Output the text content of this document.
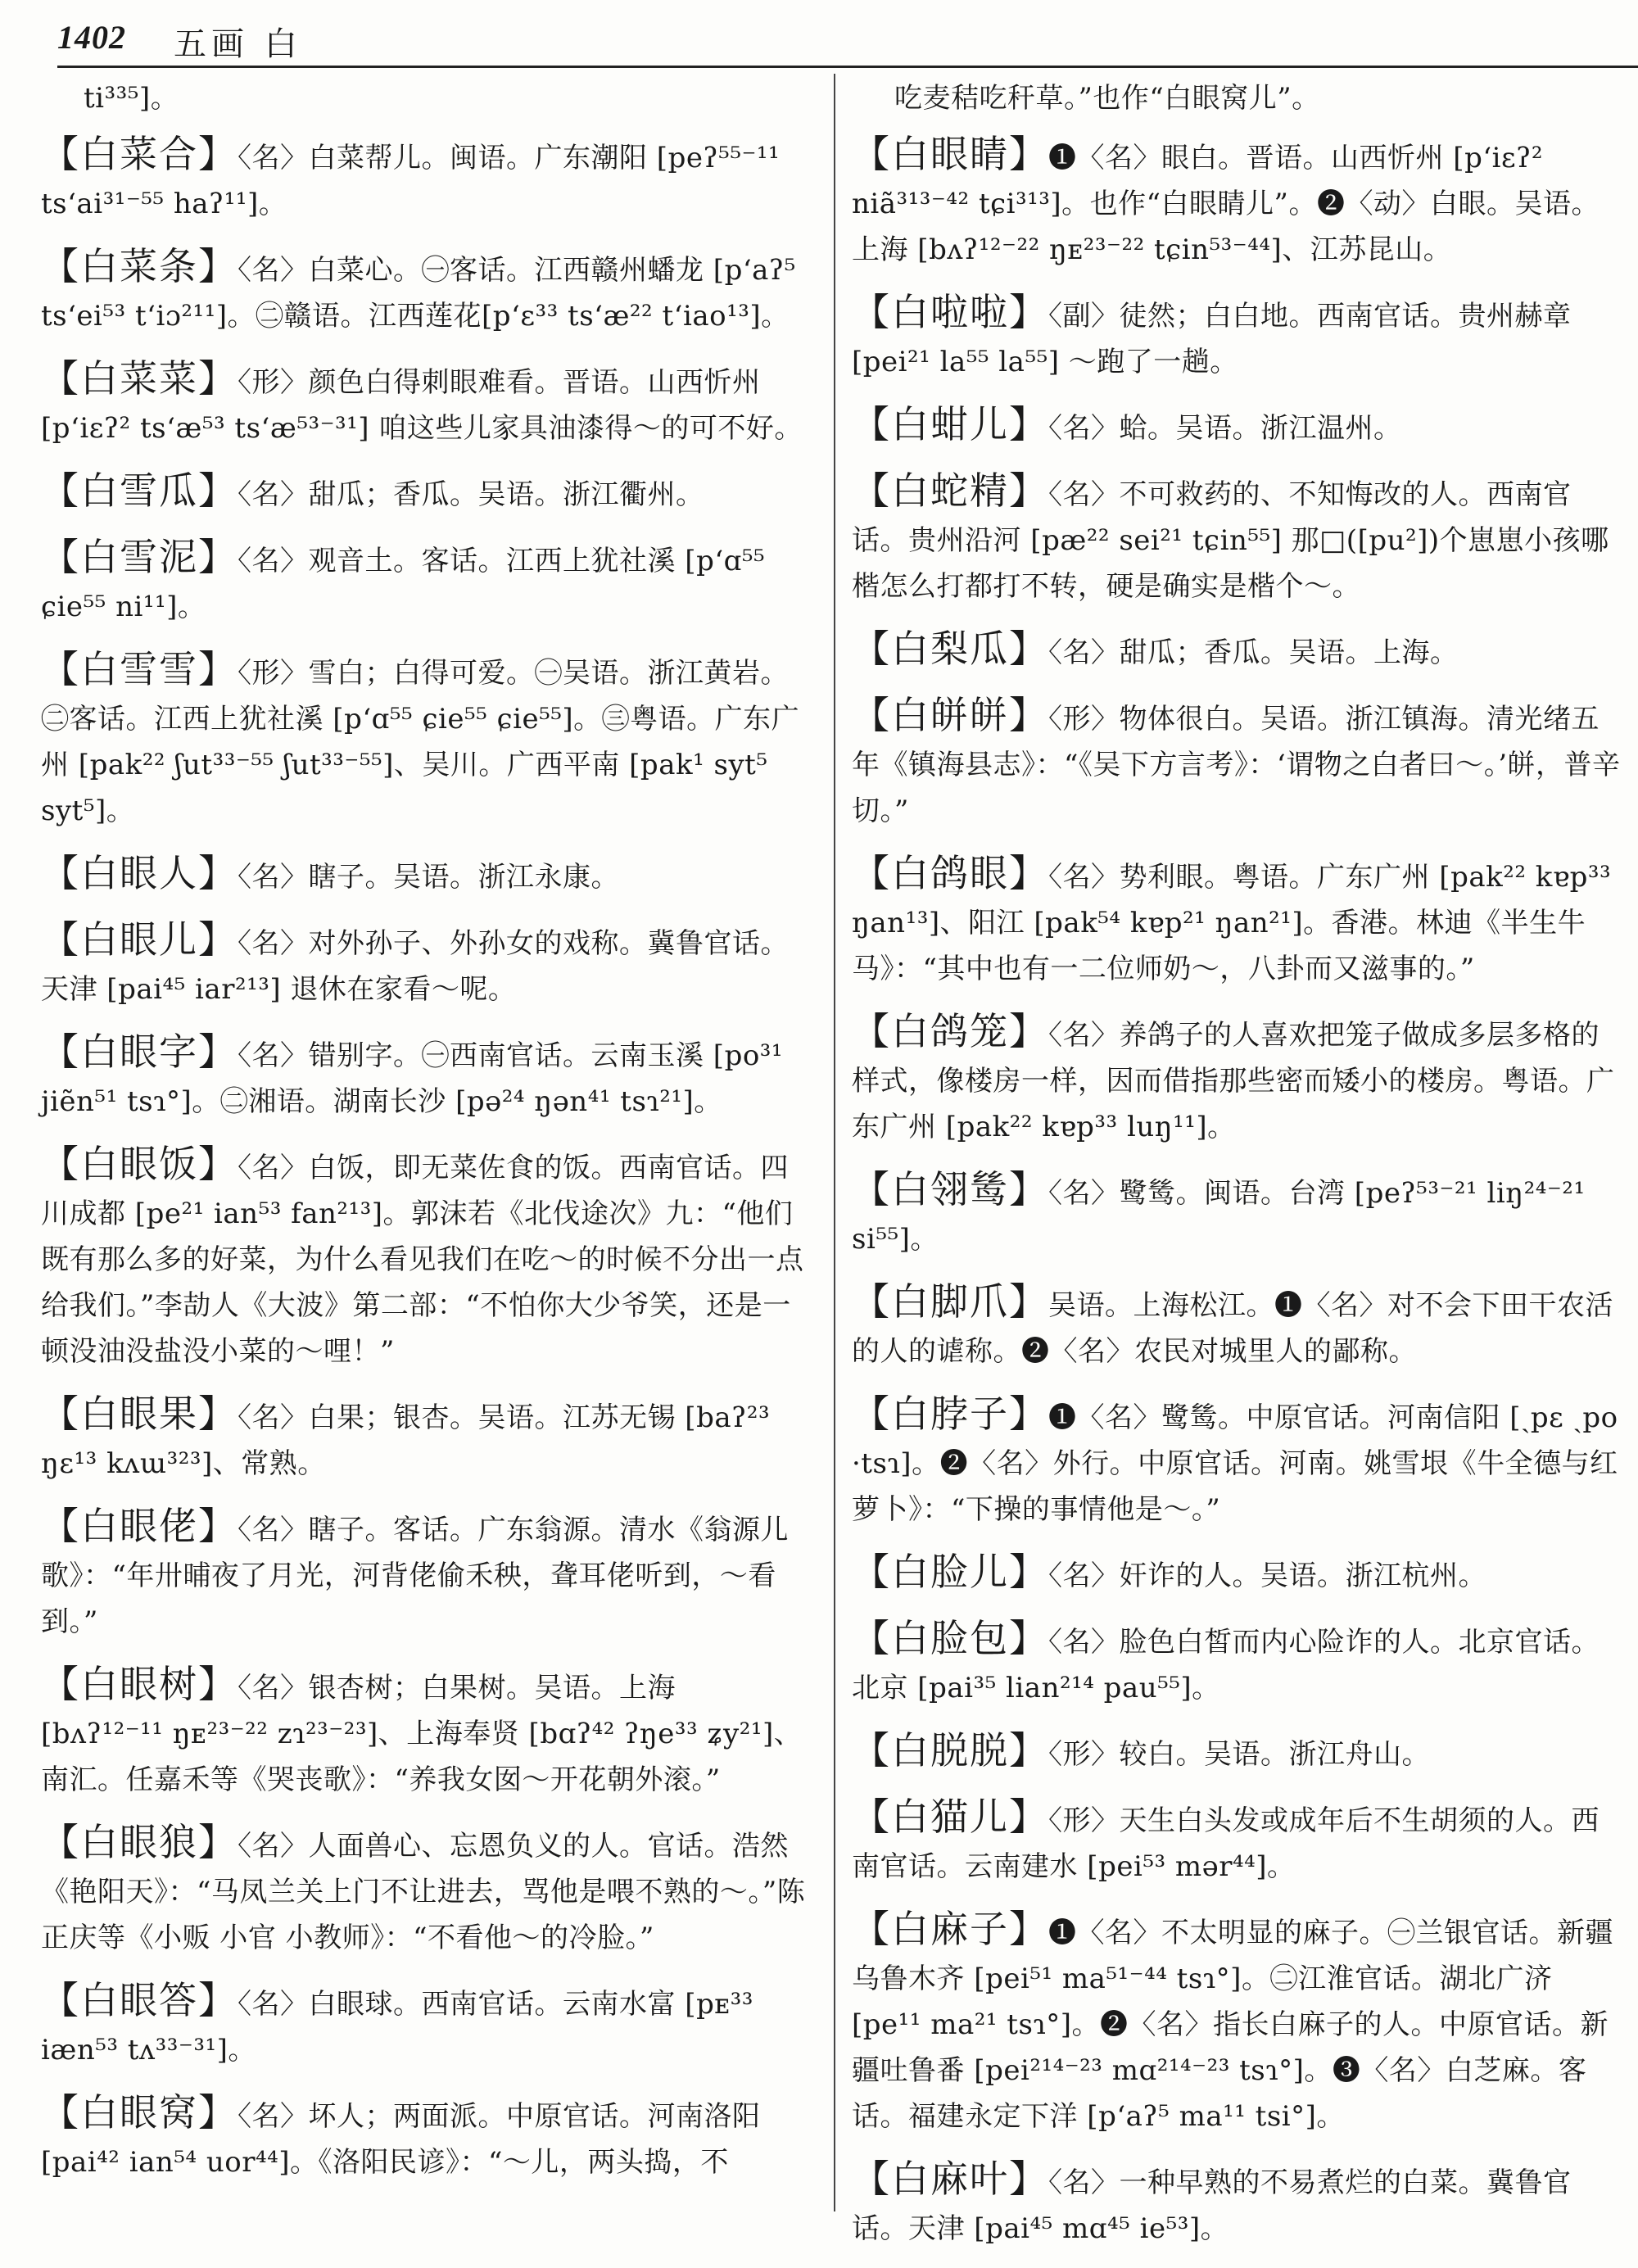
1402 五画 白
ti³³⁵]。
【白菜合】〈名〉白菜帮儿。闽语。广东潮阳 [peʔ⁵⁵⁻¹¹ tsʻai³¹⁻⁵⁵ haʔ¹¹]。
【白菜条】〈名〉白菜心。㊀客话。江西赣州蟠龙 [pʻaʔ⁵ tsʻei⁵³ tʻiɔ²¹¹]。㊁赣语。江西莲花[pʻɛ³³ tsʻæ²² tʻiao¹³]。
【白菜菜】〈形〉颜色白得刺眼难看。晋语。山西忻州 [pʻiɛʔ² tsʻæ⁵³ tsʻæ⁵³⁻³¹] 咱这些儿家具油漆得～的可不好。
【白雪瓜】〈名〉甜瓜；香瓜。吴语。浙江衢州。
【白雪泥】〈名〉观音土。客话。江西上犹社溪 [pʻɑ⁵⁵ ɕie⁵⁵ ni¹¹]。
【白雪雪】〈形〉雪白；白得可爱。㊀吴语。浙江黄岩。㊁客话。江西上犹社溪 [pʻɑ⁵⁵ ɕie⁵⁵ ɕie⁵⁵]。㊂粤语。广东广州 [pak²² ʃut³³⁻⁵⁵ ʃut³³⁻⁵⁵]、吴川。广西平南 [pak¹ syt⁵ syt⁵]。
【白眼人】〈名〉瞎子。吴语。浙江永康。
【白眼儿】〈名〉对外孙子、外孙女的戏称。冀鲁官话。天津 [pai⁴⁵ iar²¹³] 退休在家看～呢。
【白眼字】〈名〉错别字。㊀西南官话。云南玉溪 [po³¹ jiẽn⁵¹ tsɿ°]。㊁湘语。湖南长沙 [pə²⁴ ŋən⁴¹ tsɿ²¹]。
【白眼饭】〈名〉白饭，即无菜佐食的饭。西南官话。四川成都 [pe²¹ ian⁵³ fan²¹³]。郭沫若《北伐途次》九：“他们既有那么多的好菜，为什么看见我们在吃～的时候不分出一点给我们。”李劼人《大波》第二部：“不怕你大少爷笑，还是一顿没油没盐没小菜的～哩！”
【白眼果】〈名〉白果；银杏。吴语。江苏无锡 [baʔ²³ ŋɛ¹³ kʌɯ³²³]、常熟。
【白眼佬】〈名〉瞎子。客话。广东翁源。清水《翁源儿歌》：“年卅晡夜了月光，河背佬偷禾秧，聋耳佬听到，～看到。”
【白眼树】〈名〉银杏树；白果树。吴语。上海 [bʌʔ¹²⁻¹¹ ŋᴇ²³⁻²² zɿ²³⁻²³]、上海奉贤 [bɑʔ⁴² ʔŋe³³ ʑy²¹]、南汇。任嘉禾等《哭丧歌》：“养我女囡～开花朝外滚。”
【白眼狼】〈名〉人面兽心、忘恩负义的人。官话。浩然《艳阳天》：“马凤兰关上门不让进去，骂他是喂不熟的～。”陈正庆等《小贩 小官 小教师》：“不看他～的冷脸。”
【白眼答】〈名〉白眼球。西南官话。云南水富 [pᴇ³³ iæn⁵³ tʌ³³⁻³¹]。
【白眼窝】〈名〉坏人；两面派。中原官话。河南洛阳 [pai⁴² ian⁵⁴ uor⁴⁴]。《洛阳民谚》：“～儿，两头捣，不
吃麦秸吃秆草。”也作“白眼窝儿”。
【白眼睛】❶〈名〉眼白。晋语。山西忻州 [pʻiɛʔ² niã³¹³⁻⁴² tɕi³¹³]。也作“白眼睛儿”。❷〈动〉白眼。吴语。上海 [bʌʔ¹²⁻²² ŋᴇ²³⁻²² tɕin⁵³⁻⁴⁴]、江苏昆山。
【白啦啦】〈副〉徒然；白白地。西南官话。贵州赫章 [pei²¹ la⁵⁵ la⁵⁵] ～跑了一趟。
【白蚶儿】〈名〉蛤。吴语。浙江温州。
【白蛇精】〈名〉不可救药的、不知悔改的人。西南官话。贵州沿河 [pæ²² sei²¹ tɕin⁵⁵] 那□([pu²])个崽崽小孩哪楷怎么打都打不转，硬是确实是楷个～。
【白梨瓜】〈名〉甜瓜；香瓜。吴语。上海。
【白皏皏】〈形〉物体很白。吴语。浙江镇海。清光绪五年《镇海县志》：“《吴下方言考》：‘谓物之白者曰～。’皏，普辛切。”
【白鸽眼】〈名〉势利眼。粤语。广东广州 [pak²² kɐp³³ ŋan¹³]、阳江 [pak⁵⁴ kɐp²¹ ŋan²¹]。香港。林迪《半生牛马》：“其中也有一二位师奶～，八卦而又滋事的。”
【白鸽笼】〈名〉养鸽子的人喜欢把笼子做成多层多格的样式，像楼房一样，因而借指那些密而矮小的楼房。粤语。广东广州 [pak²² kɐp³³ luŋ¹¹]。
【白翎鸶】〈名〉鹭鸶。闽语。台湾 [peʔ⁵³⁻²¹ liŋ²⁴⁻²¹ si⁵⁵]。
【白脚爪】吴语。上海松江。❶〈名〉对不会下田干农活的人的谑称。❷〈名〉农民对城里人的鄙称。
【白脖子】❶〈名〉鹭鸶。中原官话。河南信阳 [ˏpɛ ˏpo ·tsɿ]。❷〈名〉外行。中原官话。河南。姚雪垠《牛全德与红萝卜》：“下操的事情他是～。”
【白脸儿】〈名〉奸诈的人。吴语。浙江杭州。
【白脸包】〈名〉脸色白皙而内心险诈的人。北京官话。北京 [pai³⁵ lian²¹⁴ pau⁵⁵]。
【白脱脱】〈形〉较白。吴语。浙江舟山。
【白猫儿】〈形〉天生白头发或成年后不生胡须的人。西南官话。云南建水 [pei⁵³ mər⁴⁴]。
【白麻子】❶〈名〉不太明显的麻子。㊀兰银官话。新疆乌鲁木齐 [pei⁵¹ ma⁵¹⁻⁴⁴ tsɿ°]。㊁江淮官话。湖北广济 [pe¹¹ ma²¹ tsɿ°]。❷〈名〉指长白麻子的人。中原官话。新疆吐鲁番 [pei²¹⁴⁻²³ mɑ²¹⁴⁻²³ tsɿ°]。❸〈名〉白芝麻。客话。福建永定下洋 [pʻaʔ⁵ ma¹¹ tsi°]。
【白麻叶】〈名〉一种早熟的不易煮烂的白菜。冀鲁官话。天津 [pai⁴⁵ mɑ⁴⁵ ie⁵³]。
